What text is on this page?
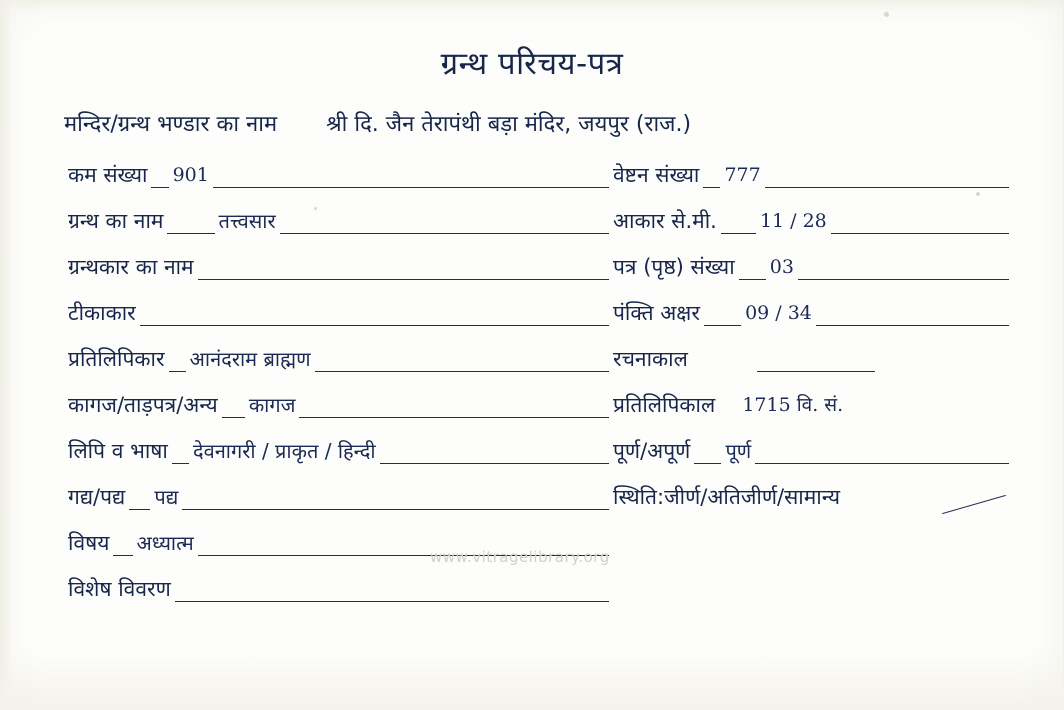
ग्रन्थ परिचय-पत्र
मन्दिर/ग्रन्थ भण्डार का नाम श्री दि. जैन तेरापंथी बड़ा मंदिर, जयपुर (राज.)
कम संख्या 901	वेष्टन संख्या 777
ग्रन्थ का नाम	तत्त्वसार	आकार से.मी. 11 / 28
ग्रन्थकार का नाम	पत्र (पृष्ठ) संख्या 03
टीकाकार	पंक्ति अक्षर 09 / 34
प्रतिलिपिकार आनंदराम ब्राह्मण	रचनाकाल
कागज/ताड़पत्र/अन्य कागज	प्रतिलिपिकाल 1715 वि. सं.
लिपि व भाषा देवनागरी / प्राकृत / हिन्दी	पूर्ण/अपूर्ण पूर्ण
गद्य/पद्य पद्य	स्थिति:जीर्ण/अतिजीर्ण/सामान्य
विषय अध्यात्म
विशेष विवरण
www.vitragelibrary.org
